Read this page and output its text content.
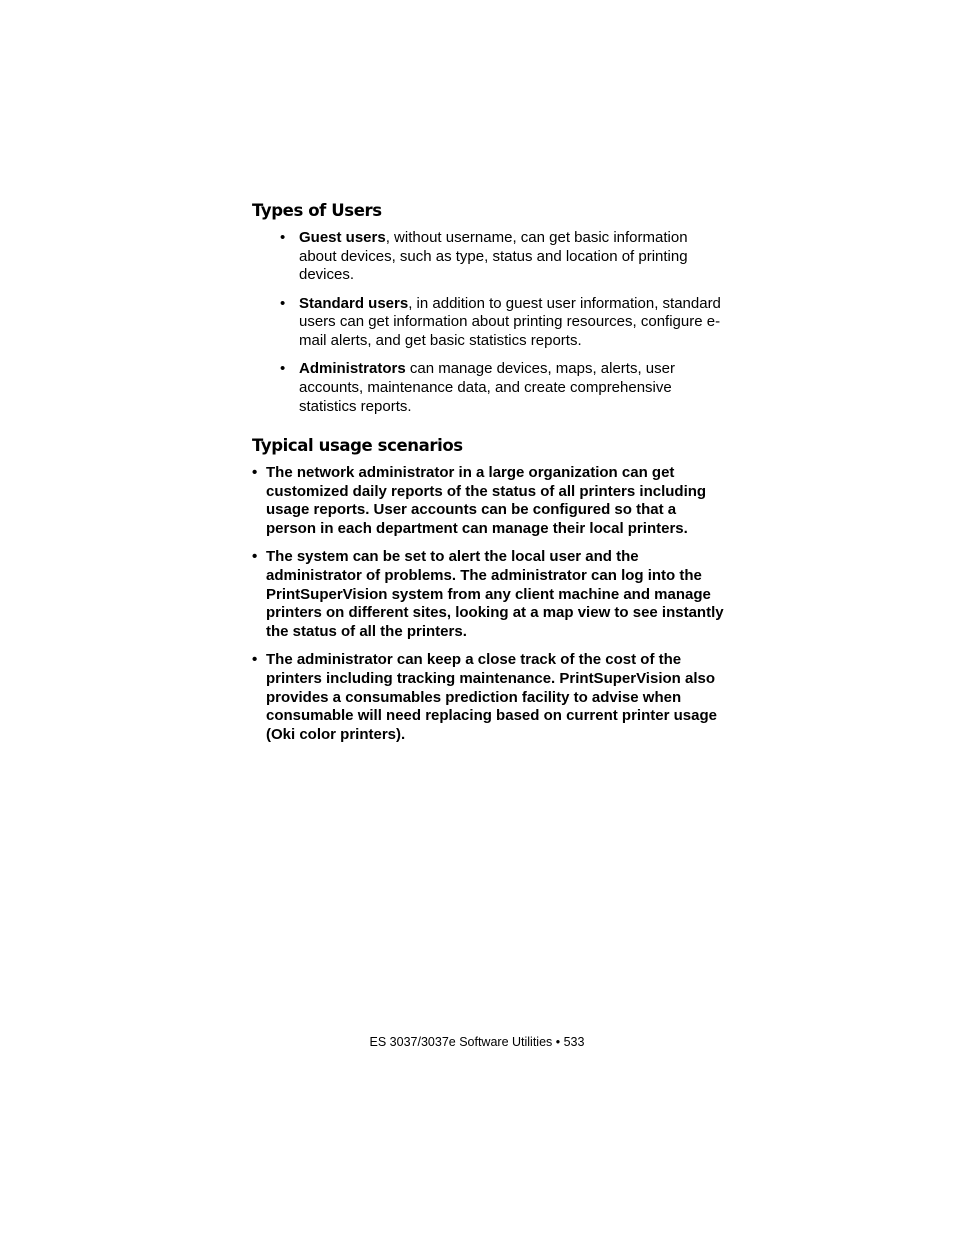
Types of Users
• Guest users, without username, can get basic information about devices, such as type, status and location of printing devices.
• Standard users, in addition to guest user information, standard users can get information about printing resources, configure e-mail alerts, and get basic statistics reports.
• Administrators can manage devices, maps, alerts, user accounts, maintenance data, and create comprehensive statistics reports.
Typical usage scenarios
• The network administrator in a large organization can get customized daily reports of the status of all printers including usage reports. User accounts can be configured so that a person in each department can manage their local printers.
• The system can be set to alert the local user and the administrator of problems. The administrator can log into the PrintSuperVision system from any client machine and manage printers on different sites, looking at a map view to see instantly the status of all the printers.
• The administrator can keep a close track of the cost of the printers including tracking maintenance. PrintSuperVision also provides a consumables prediction facility to advise when consumable will need replacing based on current printer usage (Oki color printers).
ES 3037/3037e Software Utilities • 533
